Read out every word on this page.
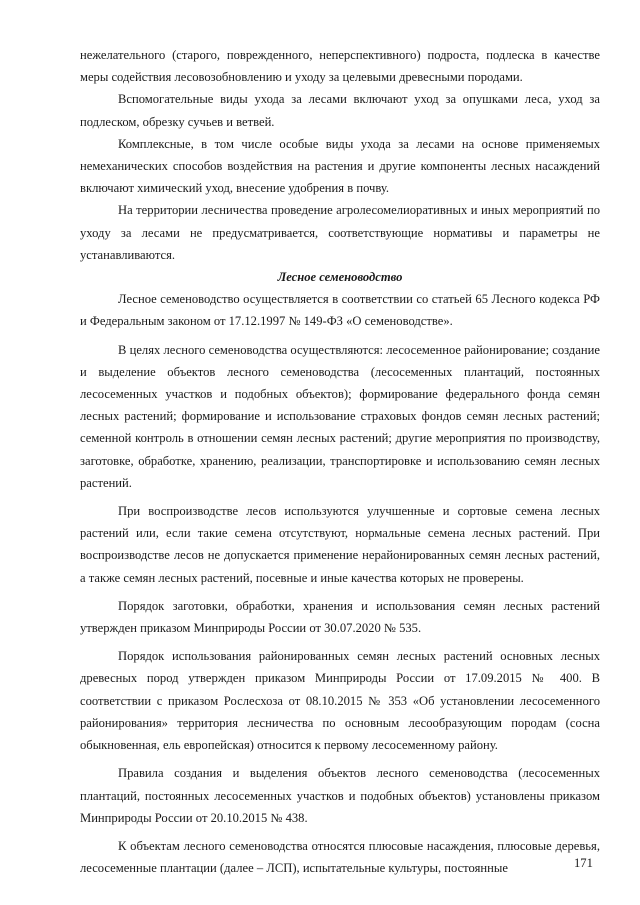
нежелательного (старого, поврежденного, неперспективного) подроста, подлеска в качестве меры содействия лесовозобновлению и уходу за целевыми древесными породами.

Вспомогательные виды ухода за лесами включают уход за опушками леса, уход за подлеском, обрезку сучьев и ветвей.

Комплексные, в том числе особые виды ухода за лесами на основе применяемых немеханических способов воздействия на растения и другие компоненты лесных насаждений включают химический уход, внесение удобрения в почву.

На территории лесничества проведение агролесомелиоративных и иных мероприятий по уходу за лесами не предусматривается, соответствующие нормативы и параметры не устанавливаются.

Лесное семеноводство

Лесное семеноводство осуществляется в соответствии со статьей 65 Лесного кодекса РФ и Федеральным законом от 17.12.1997 № 149-ФЗ «О семеноводстве».

В целях лесного семеноводства осуществляются: лесосеменное районирование; создание и выделение объектов лесного семеноводства (лесосеменных плантаций, постоянных лесосеменных участков и подобных объектов); формирование федерального фонда семян лесных растений; формирование и использование страховых фондов семян лесных растений; семенной контроль в отношении семян лесных растений; другие мероприятия по производству, заготовке, обработке, хранению, реализации, транспортировке и использованию семян лесных растений.

При воспроизводстве лесов используются улучшенные и сортовые семена лесных растений или, если такие семена отсутствуют, нормальные семена лесных растений. При воспроизводстве лесов не допускается применение нерайонированных семян лесных растений, а также семян лесных растений, посевные и иные качества которых не проверены.

Порядок заготовки, обработки, хранения и использования семян лесных растений утвержден приказом Минприроды России от 30.07.2020 № 535.

Порядок использования районированных семян лесных растений основных лесных древесных пород утвержден приказом Минприроды России от 17.09.2015 № 400. В соответствии с приказом Рослесхоза от 08.10.2015 № 353 «Об установлении лесосеменного районирования» территория лесничества по основным лесообразующим породам (сосна обыкновенная, ель европейская) относится к первому лесосеменному району.

Правила создания и выделения объектов лесного семеноводства (лесосеменных плантаций, постоянных лесосеменных участков и подобных объектов) установлены приказом Минприроды России от 20.10.2015 № 438.

К объектам лесного семеноводства относятся плюсовые насаждения, плюсовые деревья, лесосеменные плантации (далее – ЛСП), испытательные культуры, постоянные	171
